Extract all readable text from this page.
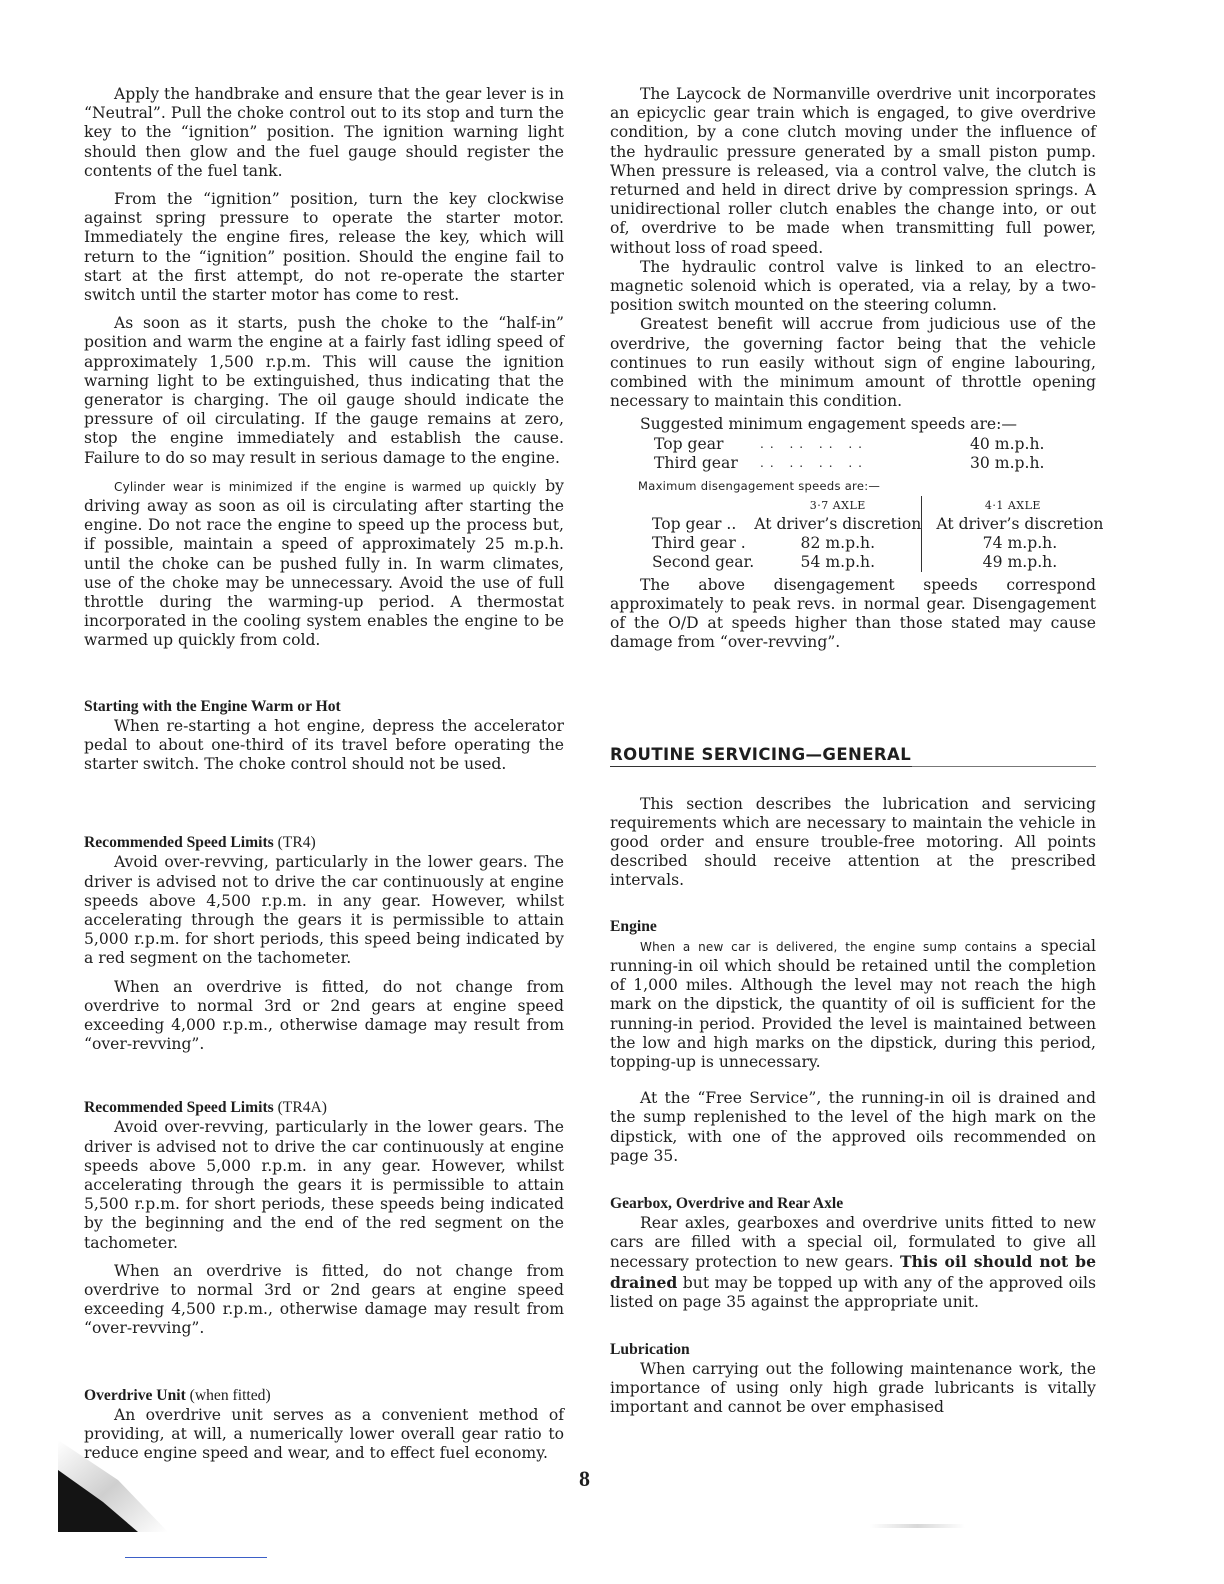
Apply the handbrake and ensure that the gear lever is in “Neutral”. Pull the choke control out to its stop and turn the key to the “ignition” position. The ignition warning light should then glow and the fuel gauge should register the contents of the fuel tank.

From the “ignition” position, turn the key clockwise against spring pressure to operate the starter motor. Immediately the engine fires, release the key, which will return to the “ignition” position. Should the engine fail to start at the first attempt, do not re-operate the starter switch until the starter motor has come to rest.

As soon as it starts, push the choke to the “half-in” position and warm the engine at a fairly fast idling speed of approximately 1,500 r.p.m. This will cause the ignition warning light to be extinguished, thus indicating that the generator is charging. The oil gauge should indicate the pressure of oil circulating. If the gauge remains at zero, stop the engine immediately and establish the cause. Failure to do so may result in serious damage to the engine.

Cylinder wear is minimized if the engine is warmed up quickly by driving away as soon as oil is circulating after starting the engine. Do not race the engine to speed up the process but, if possible, maintain a speed of approximately 25 m.p.h. until the choke can be pushed fully in. In warm climates, use of the choke may be unnecessary. Avoid the use of full throttle during the warming-up period. A thermostat incorporated in the cooling system enables the engine to be warmed up quickly from cold.

Starting with the Engine Warm or Hot

When re-starting a hot engine, depress the accelerator pedal to about one-third of its travel before operating the starter switch. The choke control should not be used.

Recommended Speed Limits (TR4)

Avoid over-revving, particularly in the lower gears. The driver is advised not to drive the car continuously at engine speeds above 4,500 r.p.m. in any gear. However, whilst accelerating through the gears it is permissible to attain 5,000 r.p.m. for short periods, this speed being indicated by a red segment on the tachometer.

When an overdrive is fitted, do not change from overdrive to normal 3rd or 2nd gears at engine speed exceeding 4,000 r.p.m., otherwise damage may result from “over-revving”.

Recommended Speed Limits (TR4A)

Avoid over-revving, particularly in the lower gears. The driver is advised not to drive the car continuously at engine speeds above 5,000 r.p.m. in any gear. However, whilst accelerating through the gears it is permissible to attain 5,500 r.p.m. for short periods, these speeds being indicated by the beginning and the end of the red segment on the tachometer.

When an overdrive is fitted, do not change from overdrive to normal 3rd or 2nd gears at engine speed exceeding 4,500 r.p.m., otherwise damage may result from “over-revving”.

Overdrive Unit (when fitted)

An overdrive unit serves as a convenient method of providing, at will, a numerically lower overall gear ratio to reduce engine speed and wear, and to effect fuel economy.

The Laycock de Normanville overdrive unit incorporates an epicyclic gear train which is engaged, to give overdrive condition, by a cone clutch moving under the influence of the hydraulic pressure generated by a small piston pump. When pressure is released, via a control valve, the clutch is returned and held in direct drive by compression springs. A unidirectional roller clutch enables the change into, or out of, overdrive to be made when transmitting full power, without loss of road speed.

The hydraulic control valve is linked to an electro-magnetic solenoid which is operated, via a relay, by a two-position switch mounted on the steering column.

Greatest benefit will accrue from judicious use of the overdrive, the governing factor being that the vehicle continues to run easily without sign of engine labouring, combined with the minimum amount of throttle opening necessary to maintain this condition.

Suggested minimum engagement speeds are:—

Top gear	.. .. .. ..	40 m.p.h.
Third gear	.. .. .. ..	30 m.p.h.

Maximum disengagement speeds are:—

	3·7 AXLE	4·1 AXLE
Top gear ..	At driver’s discretion	At driver’s discretion
Third gear .	82 m.p.h.	74 m.p.h.
Second gear.	54 m.p.h.	49 m.p.h.

The above disengagement speeds correspond approximately to peak revs. in normal gear. Disengagement of the O/D at speeds higher than those stated may cause damage from “over-revving”.

ROUTINE SERVICING—GENERAL

This section describes the lubrication and servicing requirements which are necessary to maintain the vehicle in good order and ensure trouble-free motoring. All points described should receive attention at the prescribed intervals.

Engine

When a new car is delivered, the engine sump contains a special running-in oil which should be retained until the completion of 1,000 miles. Although the level may not reach the high mark on the dipstick, the quantity of oil is sufficient for the running-in period. Provided the level is maintained between the low and high marks on the dipstick, during this period, topping-up is unnecessary.

At the “Free Service”, the running-in oil is drained and the sump replenished to the level of the high mark on the dipstick, with one of the approved oils recommended on page 35.

Gearbox, Overdrive and Rear Axle

Rear axles, gearboxes and overdrive units fitted to new cars are filled with a special oil, formulated to give all necessary protection to new gears. This oil should not be drained but may be topped up with any of the approved oils listed on page 35 against the appropriate unit.

Lubrication

When carrying out the following maintenance work, the importance of using only high grade lubricants is vitally important and cannot be over emphasised

8
